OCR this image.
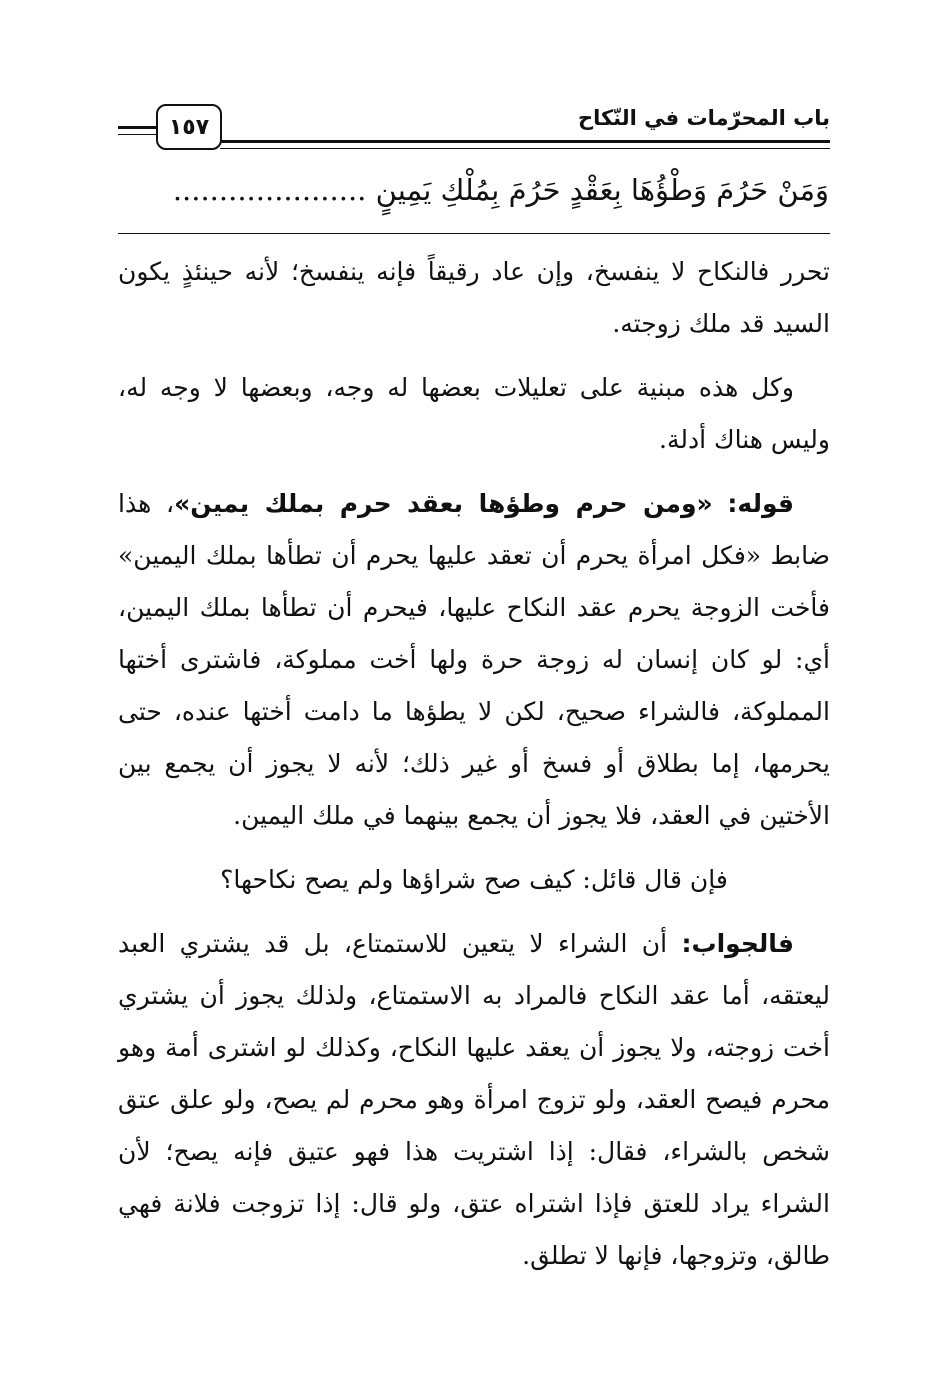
١٥٧	باب المحرّمات في النّكاح
وَمَنْ حَرُمَ وَطْؤُهَا بِعَقْدٍ حَرُمَ بِمُلْكِ يَمِينٍ .....................

تحرر فالنكاح لا ينفسخ، وإن عاد رقيقاً فإنه ينفسخ؛ لأنه حينئذٍ يكون السيد قد ملك زوجته.

وكل هذه مبنية على تعليلات بعضها له وجه، وبعضها لا وجه له، وليس هناك أدلة.

قوله: «ومن حرم وطؤها بعقد حرم بملك يمين»، هذا ضابط «فكل امرأة يحرم أن تعقد عليها يحرم أن تطأها بملك اليمين» فأخت الزوجة يحرم عقد النكاح عليها، فيحرم أن تطأها بملك اليمين، أي: لو كان إنسان له زوجة حرة ولها أخت مملوكة، فاشترى أختها المملوكة، فالشراء صحيح، لكن لا يطؤها ما دامت أختها عنده، حتى يحرمها، إما بطلاق أو فسخ أو غير ذلك؛ لأنه لا يجوز أن يجمع بين الأختين في العقد، فلا يجوز أن يجمع بينهما في ملك اليمين.

فإن قال قائل: كيف صح شراؤها ولم يصح نكاحها؟

فالجواب: أن الشراء لا يتعين للاستمتاع، بل قد يشتري العبد ليعتقه، أما عقد النكاح فالمراد به الاستمتاع، ولذلك يجوز أن يشتري أخت زوجته، ولا يجوز أن يعقد عليها النكاح، وكذلك لو اشترى أمة وهو محرم فيصح العقد، ولو تزوج امرأة وهو محرم لم يصح، ولو علق عتق شخص بالشراء، فقال: إذا اشتريت هذا فهو عتيق فإنه يصح؛ لأن الشراء يراد للعتق فإذا اشتراه عتق، ولو قال: إذا تزوجت فلانة فهي طالق، وتزوجها، فإنها لا تطلق.
